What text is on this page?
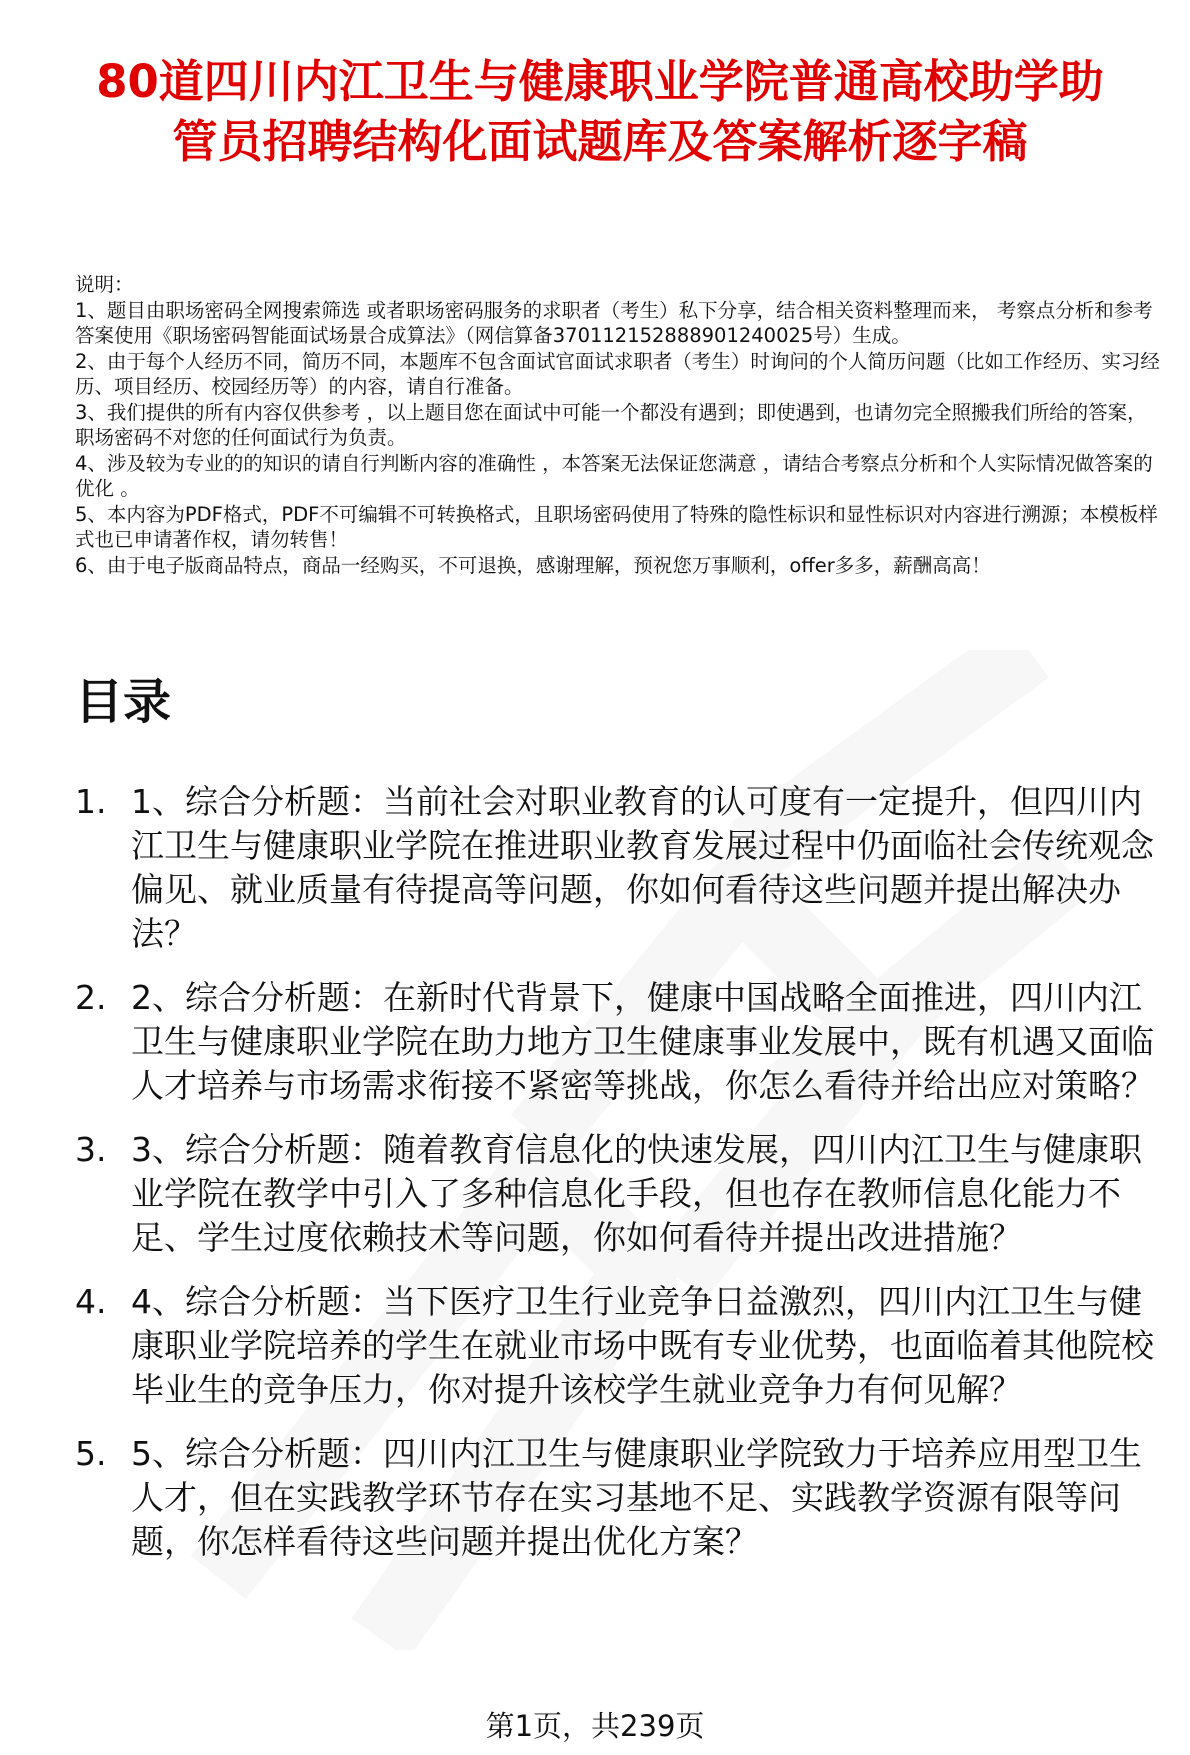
80道四川内江卫生与健康职业学院普通高校助学助管员招聘结构化面试题库及答案解析逐字稿

说明：

1、题目由职场密码全网搜索筛选 或者职场密码服务的求职者（考生）私下分享，结合相关资料整理而来， 考察点分析和参考答案使用《职场密码智能面试场景合成算法》（网信算备370112152888901240025号）生成。

2、由于每个人经历不同，简历不同，本题库不包含面试官面试求职者（考生）时询问的个人简历问题（比如工作经历、实习经历、项目经历、校园经历等）的内容，请自行准备。

3、我们提供的所有内容仅供参考 ，以上题目您在面试中可能一个都没有遇到；即使遇到，也请勿完全照搬我们所给的答案，职场密码不对您的任何面试行为负责。

4、涉及较为专业的的知识的请自行判断内容的准确性 ，本答案无法保证您满意 ，请结合考察点分析和个人实际情况做答案的优化 。

5、本内容为PDF格式，PDF不可编辑不可转换格式，且职场密码使用了特殊的隐性标识和显性标识对内容进行溯源；本模板样式也已申请著作权，请勿转售！

6、由于电子版商品特点，商品一经购买，不可退换，感谢理解，预祝您万事顺利，offer多多，薪酬高高！

目录
1. 1、综合分析题：当前社会对职业教育的认可度有一定提升，但四川内江卫生与健康职业学院在推进职业教育发展过程中仍面临社会传统观念偏见、就业质量有待提高等问题，你如何看待这些问题并提出解决办法？
2. 2、综合分析题：在新时代背景下，健康中国战略全面推进，四川内江卫生与健康职业学院在助力地方卫生健康事业发展中，既有机遇又面临人才培养与市场需求衔接不紧密等挑战，你怎么看待并给出应对策略？
3. 3、综合分析题：随着教育信息化的快速发展，四川内江卫生与健康职业学院在教学中引入了多种信息化手段，但也存在教师信息化能力不足、学生过度依赖技术等问题，你如何看待并提出改进措施？
4. 4、综合分析题：当下医疗卫生行业竞争日益激烈，四川内江卫生与健康职业学院培养的学生在就业市场中既有专业优势，也面临着其他院校毕业生的竞争压力，你对提升该校学生就业竞争力有何见解？
5. 5、综合分析题：四川内江卫生与健康职业学院致力于培养应用型卫生人才，但在实践教学环节存在实习基地不足、实践教学资源有限等问题，你怎样看待这些问题并提出优化方案？
第1页，共239页
